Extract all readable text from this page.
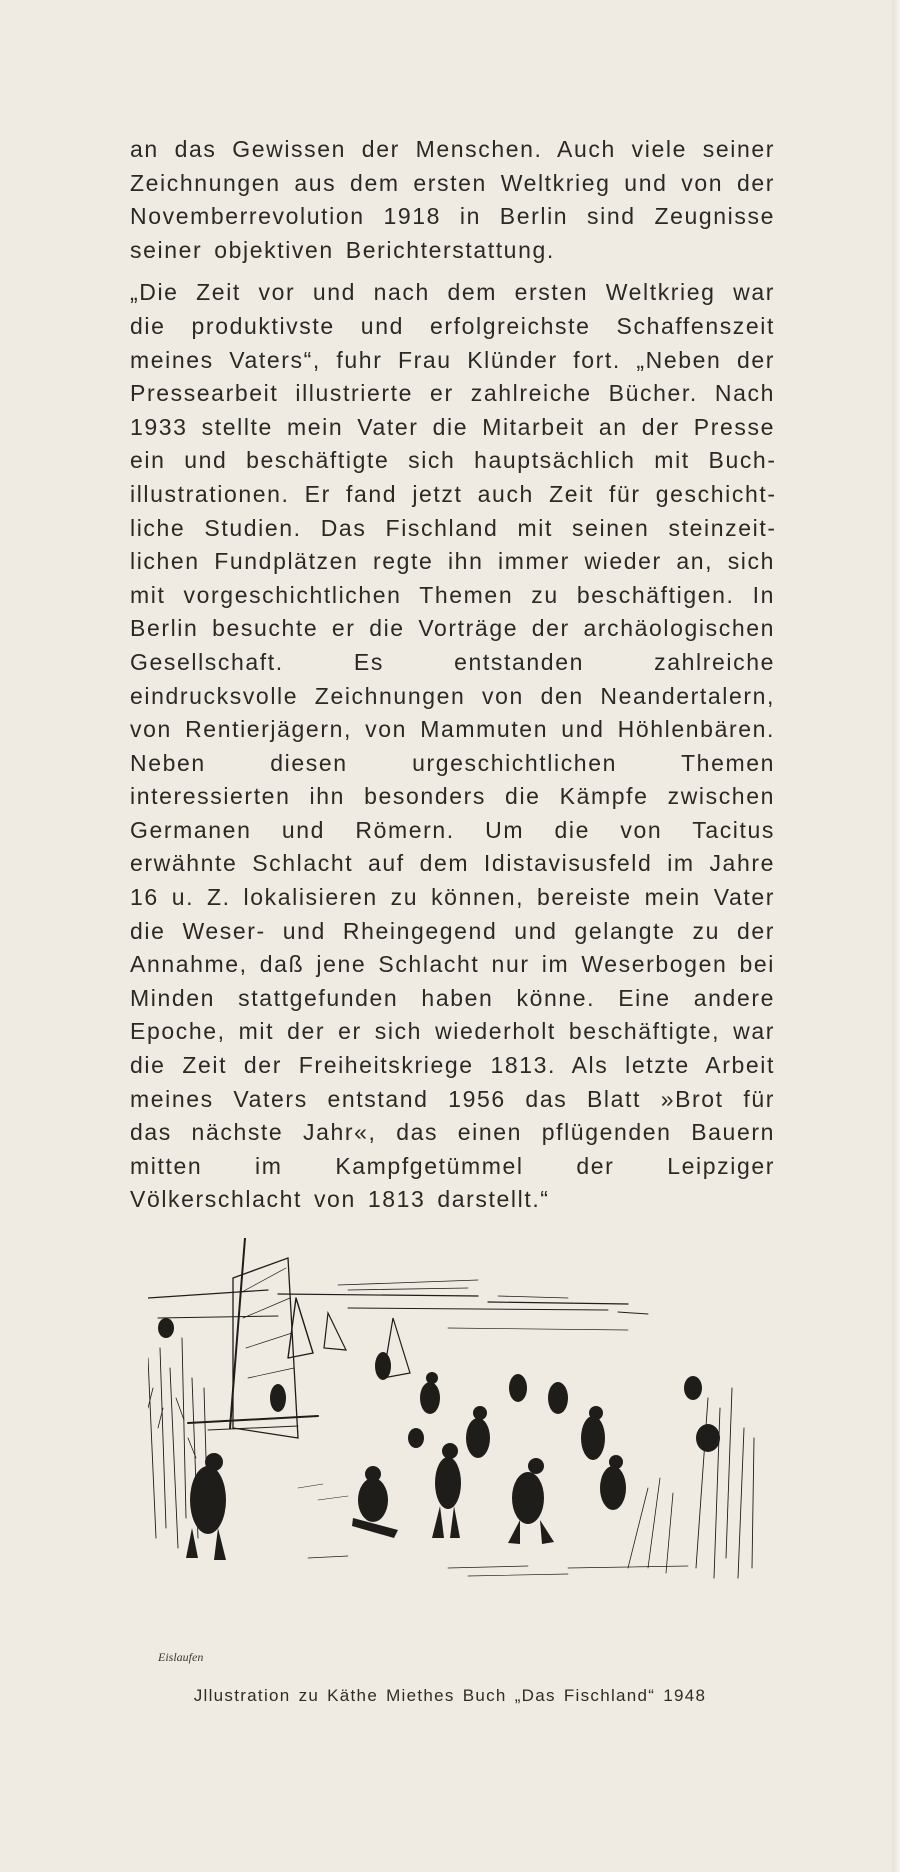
an das Gewissen der Menschen. Auch viele seiner Zeichnungen aus dem ersten Weltkrieg und von der Novemberrevolution 1918 in Berlin sind Zeugnisse seiner objektiven Berichterstattung.

„Die Zeit vor und nach dem ersten Weltkrieg war die produktivste und erfolgreichste Schaffenszeit meines Vaters“, fuhr Frau Klünder fort. „Neben der Pressearbeit illustrierte er zahlreiche Bücher. Nach 1933 stellte mein Vater die Mitarbeit an der Presse ein und beschäftigte sich hauptsächlich mit Buchillustrationen. Er fand jetzt auch Zeit für geschichtliche Studien. Das Fischland mit seinen steinzeitlichen Fundplätzen regte ihn immer wieder an, sich mit vorgeschichtlichen Themen zu beschäftigen. In Berlin besuchte er die Vorträge der archäologischen Gesellschaft. Es entstanden zahlreiche eindrucksvolle Zeichnungen von den Neandertalern, von Rentierjägern, von Mammuten und Höhlenbären. Neben diesen urgeschichtlichen Themen interessierten ihn besonders die Kämpfe zwischen Germanen und Römern. Um die von Tacitus erwähnte Schlacht auf dem Idistavisusfeld im Jahre 16 u. Z. lokalisieren zu können, bereiste mein Vater die Weser- und Rheingegend und gelangte zu der Annahme, daß jene Schlacht nur im Weserbogen bei Minden stattgefunden haben könne. Eine andere Epoche, mit der er sich wiederholt beschäftigte, war die Zeit der Freiheitskriege 1813. Als letzte Arbeit meines Vaters entstand 1956 das Blatt »Brot für das nächste Jahr«, das einen pflügenden Bauern mitten im Kampfgetümmel der Leipziger Völkerschlacht von 1813 darstellt.“

Eislaufen
Jllustration zu Käthe Miethes Buch „Das Fischland“ 1948
